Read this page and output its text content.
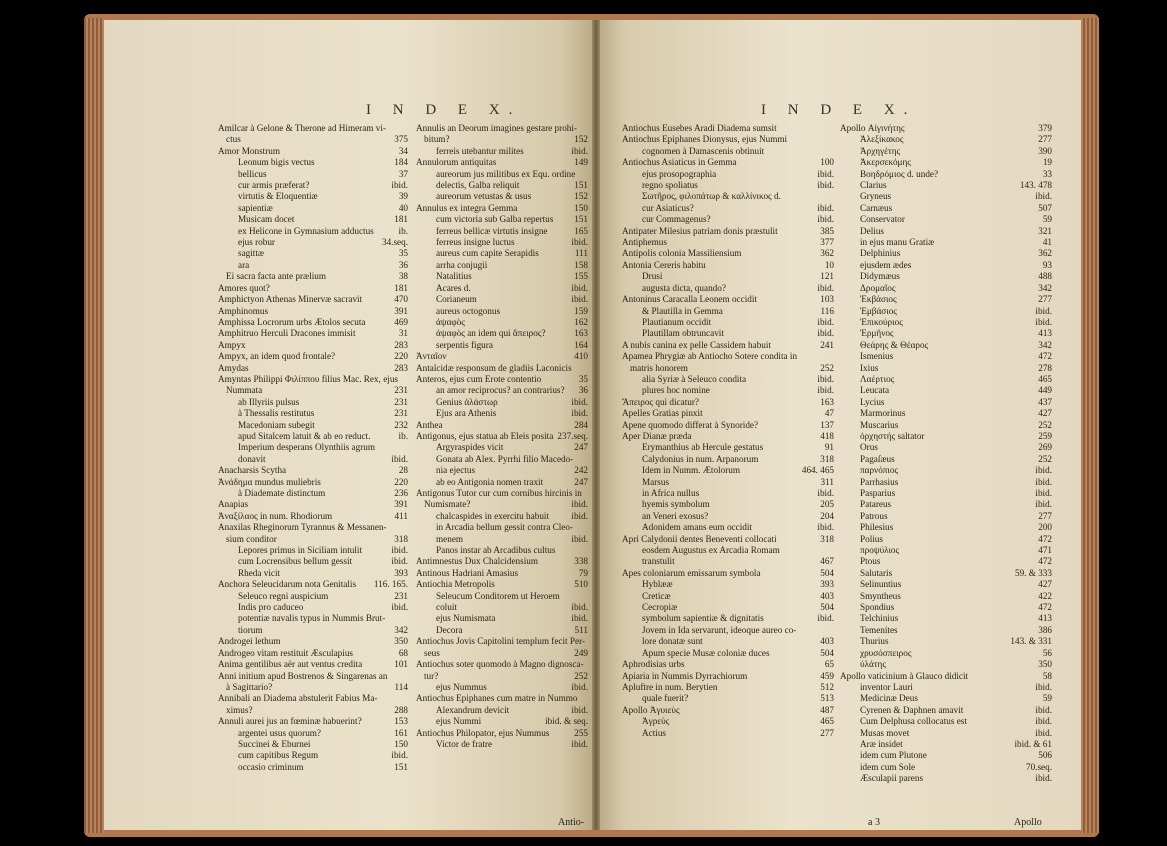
I N D E X.
Amilcar à Gelone & Therone ad Himeram vi-
ctus	375
Amor Monstrum	34
Leonum bigis vectus	184
bellicus	37
cur armis præferat?	ibid.
virtutis & Eloquentiæ	39
sapientiæ	40
Musicam docet	181
ex Helicone in Gymnasium adductus	ib.
ejus robur	34.seq.
sagittæ	35
ara	36
Ei sacra facta ante prælium	38
Amores quot?	181
Amphictyon Athenas Minervæ sacravit	470
Amphinomus	391
Amphissa Locrorum urbs Ætolos secuta	469
Amphitruo Herculi Dracones immisit	31
Ampyx	283
Ampyx, an idem quod frontale?	220
Amydas	283
Amyntas Philippi Φιλίππου filius Mac. Rex, ejus
Nummata	231
ab Illyriis pulsus	231
à Thessalis restitutus	231
Macedoniam subegit	232
apud Sitalcem latuit & ab eo reduct.	ib.
Imperium desperans Olynthiis agrum
donavit	ibid.
Anacharsis Scytha	28
Ἀνάδημα mundus muliebris	220
à Diademate distinctum	236
Anapias	391
Ἀναξίλαος in num. Rhodiorum	411
Anaxilas Rheginorum Tyrannus & Messanen-
sium conditor	318
Lepores primus in Siciliam intulit	ibid.
cum Locrensibus bellum gessit	ibid.
Rheda vicit	393
Anchora Seleucidarum nota Genitalis 116. 165.
Seleuco regni auspicium	231
Indis pro caduceo	ibid.
potentiæ navalis typus in Nummis Brut-
tiorum	342
Androgei lethum	350
Androgeo vitam restituit Æsculapius	68
Anima gentilibus aër aut ventus credita	101
Anni initium apud Bostrenos & Singarenas an
à Sagittario?	114
Annibali an Diadema abstulerit Fabius Ma-
ximus?	288
Annuli aurei jus an fœminæ habuerint?	153
argentei usus quorum?	161
Succinei & Eburnei	150
cum capitibus Regum	ibid.
occasio criminum	151
Annulis an Deorum imagines gestare prohi-
bitum?	152
ferreis utebantur milites	ibid.
Annulorum antiquitas	149
aureorum jus militibus ex Equ. ordine
delectis, Galba reliquit	151
aureorum vetustas & usus	152
Annulus ex integra Gemma	150
cum victoria sub Galba repertus 151
ferreus bellicæ virtutis insigne	165
ferreus insigne luctus	ibid.
aureus cum capite Serapidis	111
arrha conjugii	158
Natalitius	155
Acares d.	ibid.
Corianeum	ibid.
aureus octogonus	159
ἀψαφὸς	162
ἀψαφὸς an idem qui ἄπειρος?	163
serpentis figura	164
Ἀνταῖον	410
Antalcidæ responsum de gladiis Laconicis
Anteros, ejus cum Erote contentio	35
an amor reciprocus? an contrarius? 36
Genius ἀλάστωρ	ibid.
Ejus ara Athenis	ibid.
Anthea	284
Antigonus, ejus statua ab Eleis posita 237.seq.
Argyraspides vicit	247
Gonata ab Alex. Pyrrhi filio Macedo-
nia ejectus	242
ab eo Antigonia nomen traxit	247
Antigonus Tutor cur cum cornibus hircinis in
Numismate?	ibid.
chalcaspides in exercitu habuit ibid.
in Arcadia bellum gessit contra Cleo-
menem	ibid.
Panos instar ab Arcadibus cultus
Antimnestus Dux Chalcidensium	338
Antinous Hadriani Amasius	79
Antiochia Metropolis	510
Seleucum Conditorem ut Heroem
coluit	ibid.
ejus Numismata	ibid.
Decora	511
Antiochus Jovis Capitolini templum fecit Per-
seus	249
Antiochus soter quomodo à Magno dignosca-
tur?	252
ejus Nummus	ibid.
Antiochus Epiphanes cum matre in Nummo
Alexandrum devicit	ibid.
ejus Nummi	ibid. & seq.
Antiochus Philopator, ejus Nummus	255
Victor de fratre	ibid.
Antio-
I N D E X.
Antiochus Eusebes Aradi Diadema sumsit
Antiochus Epiphanes Dionysus, ejus Nummi
cognomen à Damascenis obtinuit
Antiochus Asiaticus in Gemma	100
ejus prosopographia	ibid.
regno spoliatus	ibid.
Σωτῆρος, φιλοπάτωρ & καλλίνικος d.
cur Asiaticus?	ibid.
cur Commagenus?	ibid.
Antipater Milesius patriam donis præstulit	385
Antiphemus	377
Antipolis colonia Massiliensium	362
Antonia Cereris habitu	10
Drusi	121
augusta dicta, quando?	ibid.
Antoninus Caracalla Leonem occidit	103
& Plautilla in Gemma	116
Plautianum occidit	ibid.
Plautillam obtruncavit	ibid.
A nubis canina ex pelle Cassidem habuit	241
Apamea Phrygiæ ab Antiocho Sotere condita in
matris honorem	252
alia Syriæ à Seleuco condita	ibid.
plures hoc nomine	ibid.
Ἄπειρος qui dicatur?	163
Apelles Gratias pinxit	47
Apene quomodo differat à Synoride?	137
Aper Dianæ præda	418
Erymanthius ab Hercule gestatus	91
Calydonius in num. Arpanorum	318
Idem in Numm. Ætolorum	464. 465
Marsus	311
in Africa nullus	ibid.
hyemis symbolum	205
an Veneri exosus?	204
Adonidem amans eum occidit	ibid.
Apri Calydonii dentes Beneventi collocati	318
eosdem Augustus ex Arcadia Romam
transtulit	467
Apes coloniarum emissarum symbola	504
Hyblææ	393
Creticæ	403
Cecropiæ	504
symbolum sapientiæ & dignitatis	ibid.
Jovem in Ida servarunt, ideoque aureo co-
lore donatæ sunt	403
Apum specie Musæ coloniæ duces	504
Aphrodisias urbs	65
Apiaria in Nummis Dyrrachiorum	459
Apluftre in num. Berytien	512
quale fuerit?	513
Apollo Ἀγυιεὺς	487
Ἀγρεὺς	465
Actius	277
Apollo Αἰγινήτης	379
Ἀλεξίκακος	277
Ἀρχηγέτης	390
Ἀκερσεκόμης	19
Βοηδρόμιος d. unde?	33
Clarius	143. 478
Gryneus	ibid.
Carnæus	507
Conservator	59
Delius	321
in ejus manu Gratiæ	41
Delphinius	362
ejusdem ædes	93
Didymæus	488
Δρομαῖος	342
Ἐκβάσιος	277
Ἐμβάσιος	ibid.
Ἐπικούριος	ibid.
Ἑρμῆνος	413
Θεάρης & Θέαρος	342
Ismenius	472
Ixius	278
Λαέρτιος	465
Leucata	449
Lycius	437
Marmorinus	427
Muscarius	252
ὀρχηστής saltator	259
Orus	269
Pagaſæus	252
παρνόπιος	ibid.
Parrhasius	ibid.
Pasparius	ibid.
Patareus	ibid.
Patrous	277
Philesius	200
Polius	472
προψύλιος	471
Ptous	472
Salutaris	59. & 333
Selinuntius	427
Smyntheus	422
Spondius	472
Telchinius	413
Temenites	386
Thurius	143. & 331
χρυσόσπειρος	56
ὑλάτης	350
Apollo vaticinium à Glauco didicit	58
inventor Lauri	ibid.
Medicinæ Deus	59
Cyrenen & Daphnen amavit	ibid.
Cum Delphusa collocatus est	ibid.
Musas movet	ibid.
Aræ insidet	ibid. & 61
idem cum Plutone	506
idem cum Sole	70.seq.
Æsculapii parens	ibid.
a 3	Apollo
